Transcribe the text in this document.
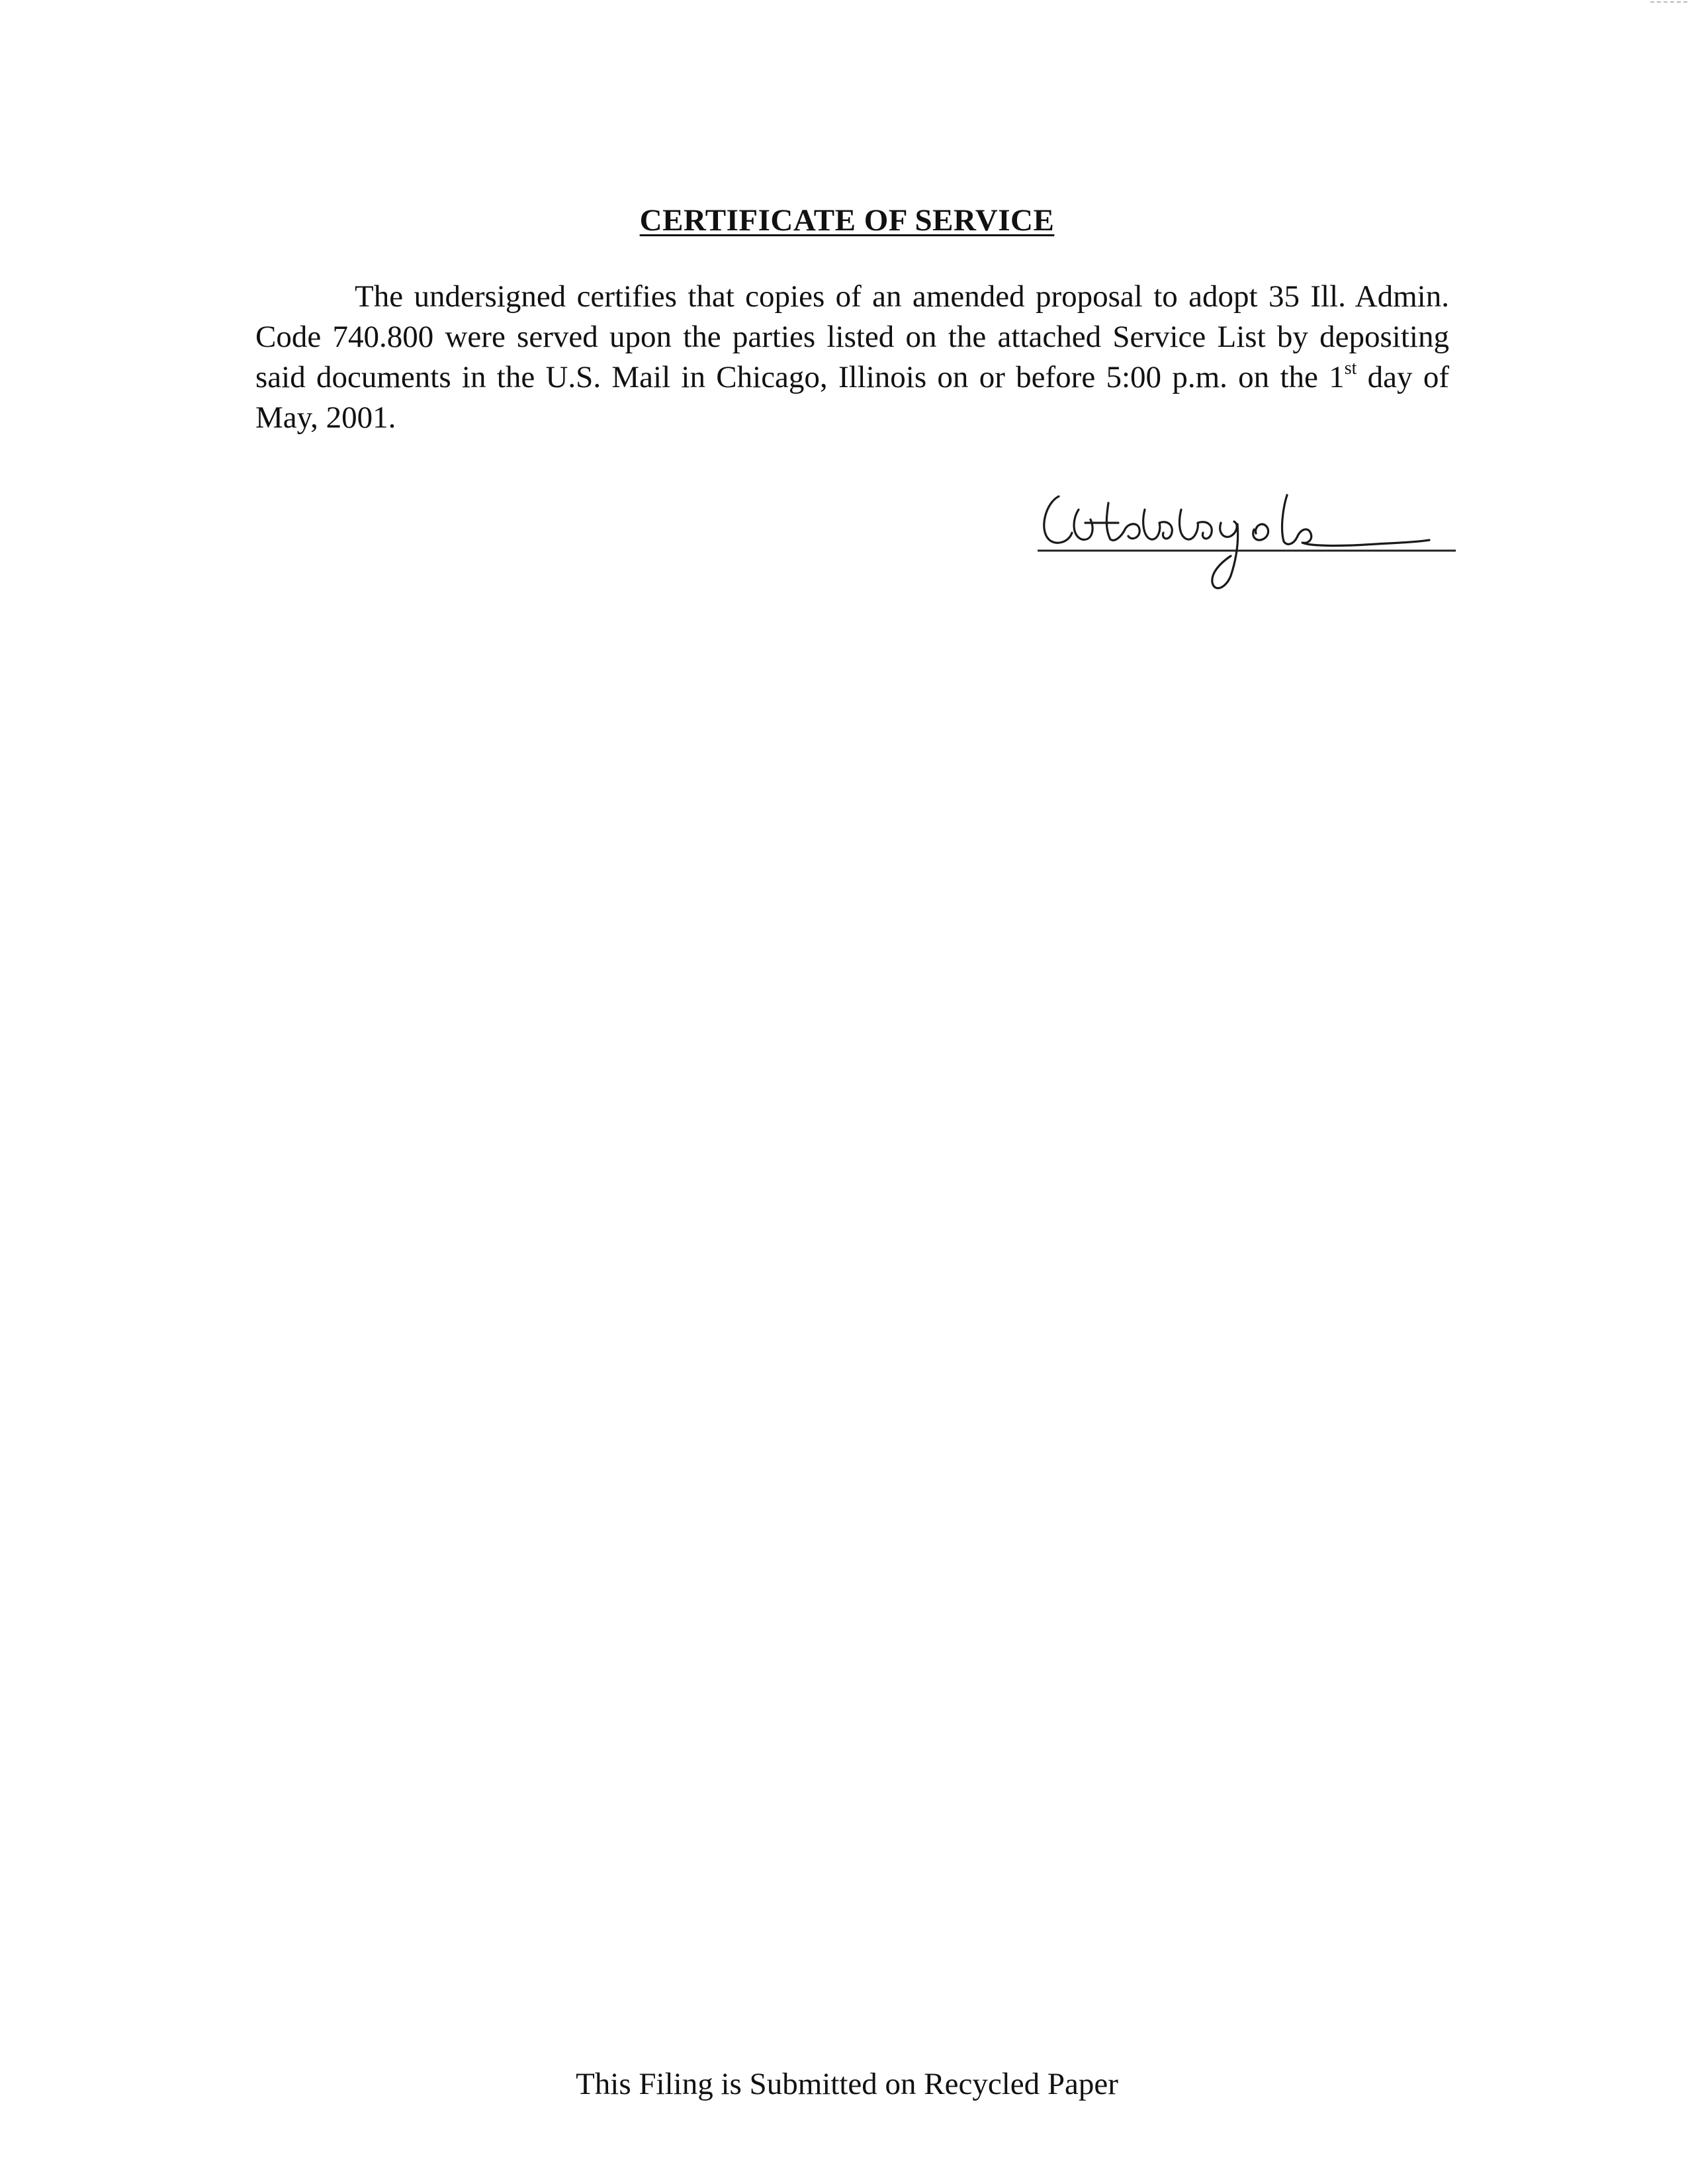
CERTIFICATE OF SERVICE
The undersigned certifies that copies of an amended proposal to adopt 35 Ill. Admin. Code 740.800 were served upon the parties listed on the attached Service List by depositing said documents in the U.S. Mail in Chicago, Illinois on or before 5:00 p.m. on the 1st day of May, 2001.
This Filing is Submitted on Recycled Paper
